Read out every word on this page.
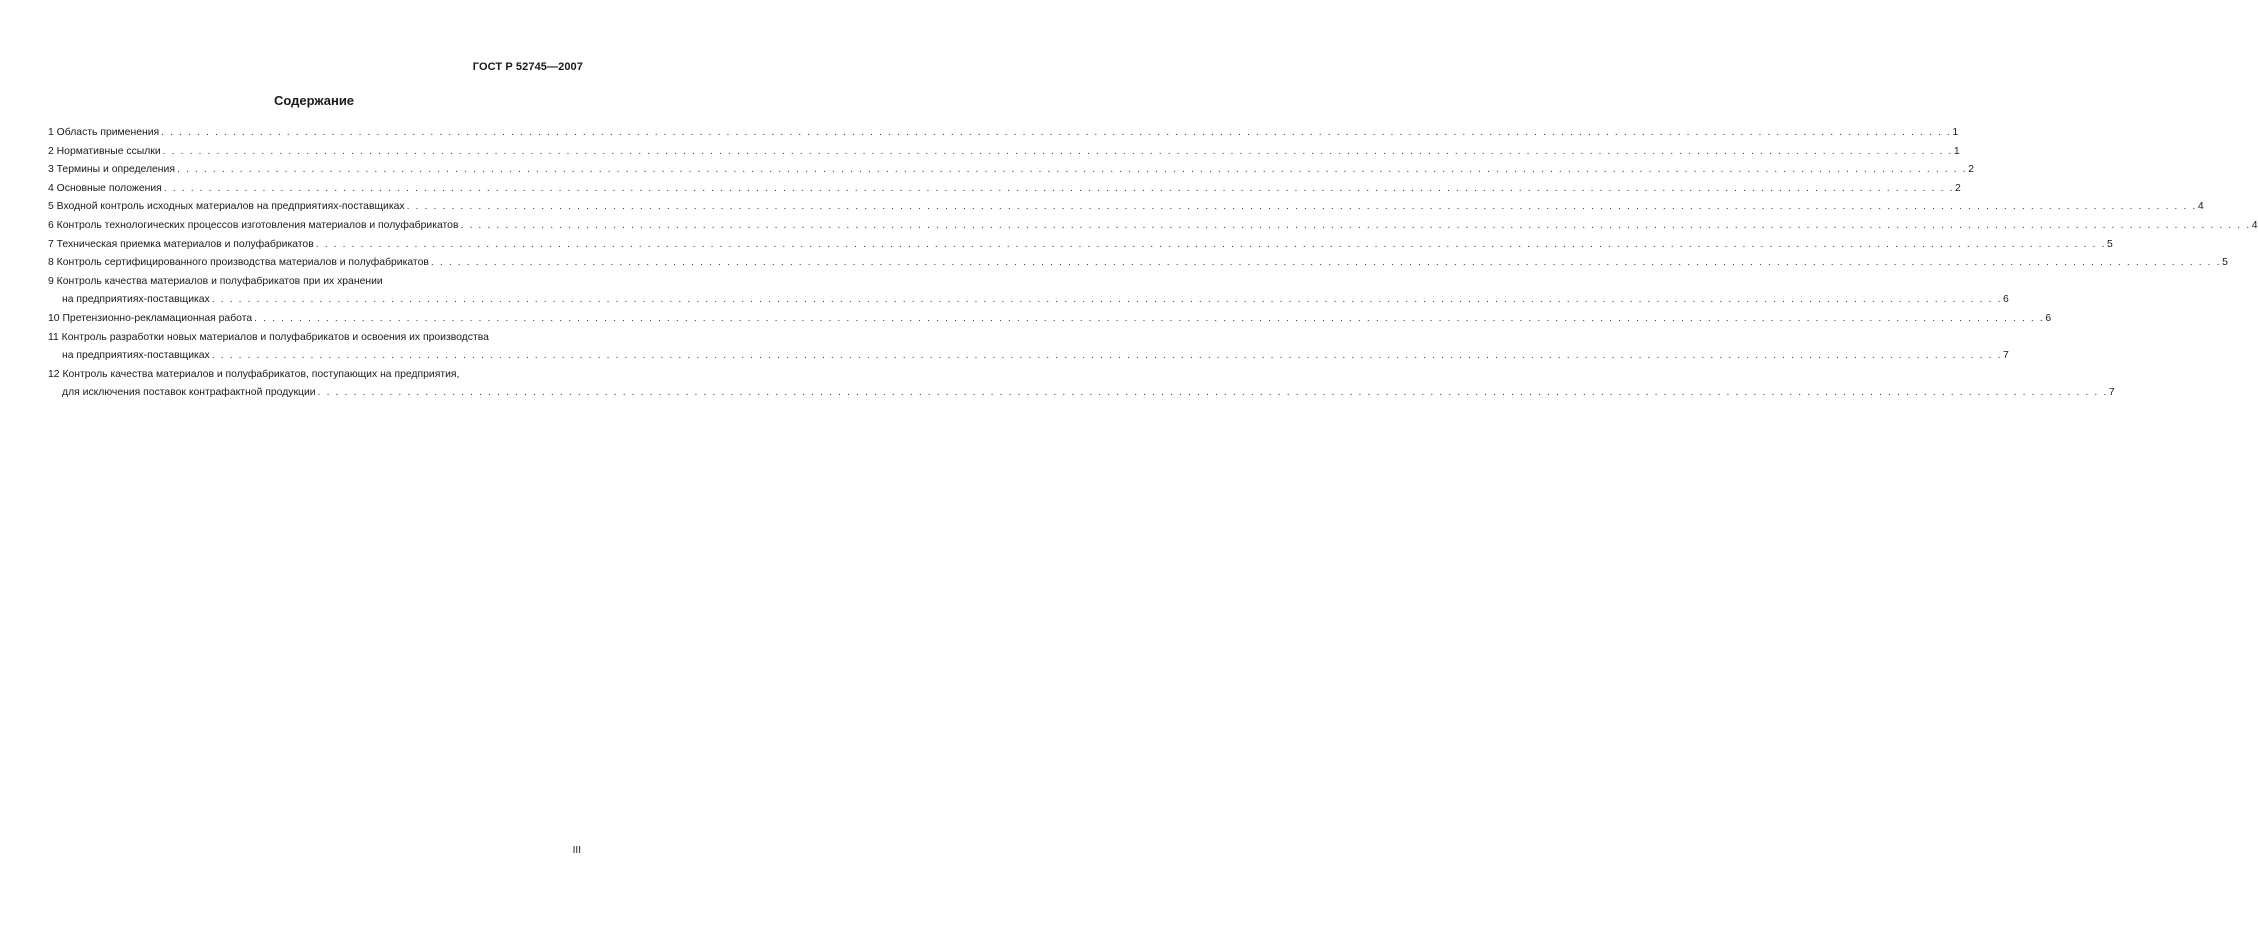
ГОСТ Р 52745—2007
Содержание
1 Область применения . . . . . . . . . . . . . . . . . . . . . . . . . . . . . . . . . . . . . . . . . . . . . . . . . . . . . . . . . . . . . . . . . . . . . . . . . . . . . . . . . . . . . . . . . . . . . . . . . . . . . . . . . . . . . . . . . . . . . . . . . . . . . . . . . . . . . . . . . . . . . . . . . . . . . . . . . . . . . . . . . . . . . . . . . . . . . . . . . . . . . . . . . . . . . . . . . . . . . . . . 1
2 Нормативные ссылки . . . . . . . . . . . . . . . . . . . . . . . . . . . . . . . . . . . . . . . . . . . . . . . . . . . . . . . . . . . . . . . . . . . . . . . . . . . . . . . . . . . . . . . . . . . . . . . . . . . . . . . . . . . . . . . . . . . . . . . . . . . . . . . . . . . . . . . . . . . . . . . . . . . . . . . . . . . . . . . . . . . . . . . . . . . . . . . . . . . . . . . . . . . . . . . . . . . . . . . . 1
3 Термины и определения . . . . . . . . . . . . . . . . . . . . . . . . . . . . . . . . . . . . . . . . . . . . . . . . . . . . . . . . . . . . . . . . . . . . . . . . . . . . . . . . . . . . . . . . . . . . . . . . . . . . . . . . . . . . . . . . . . . . . . . . . . . . . . . . . . . . . . . . . . . . . . . . . . . . . . . . . . . . . . . . . . . . . . . . . . . . . . . . . . . . . . . . . . . . . . . . . . . . . . . . 2
4 Основные положения . . . . . . . . . . . . . . . . . . . . . . . . . . . . . . . . . . . . . . . . . . . . . . . . . . . . . . . . . . . . . . . . . . . . . . . . . . . . . . . . . . . . . . . . . . . . . . . . . . . . . . . . . . . . . . . . . . . . . . . . . . . . . . . . . . . . . . . . . . . . . . . . . . . . . . . . . . . . . . . . . . . . . . . . . . . . . . . . . . . . . . . . . . . . . . . . . . . . . . . . 2
5 Входной контроль исходных материалов на предприятиях-поставщиках . . . . . . . . . . . . . . . . . . . . . . . . . . . . . . . . . . . . . . . . . . . . . . . . . . . . . . . . . . . . . . . . . . . . . . . . . . . . . . . . . . . . . . . . . . . . . . . . . . . . . . . . . . . . . . . . . . . . . . . . . . . . . . . . . . . . . . . . . . . . . . . . . . . . . . . . . . . . . . . . . . . . . . . . . . . . . . . . . . . . . . . . . . . . . . . . . . . . . . . . 4
6 Контроль технологических процессов изготовления материалов и полуфабрикатов . . . . . . . . . . . . . . . . . . . . . . . . . . . . . . . . . . . . . . . . . . . . . . . . . . . . . . . . . . . . . . . . . . . . . . . . . . . . . . . . . . . . . . . . . . . . . . . . . . . . . . . . . . . . . . . . . . . . . . . . . . . . . . . . . . . . . . . . . . . . . . . . . . . . . . . . . . . . . . . . . . . . . . . . . . . . . . . . . . . . . . . . . . . . . . . . . . . . . . . . 4
7 Техническая приемка материалов и полуфабрикатов . . . . . . . . . . . . . . . . . . . . . . . . . . . . . . . . . . . . . . . . . . . . . . . . . . . . . . . . . . . . . . . . . . . . . . . . . . . . . . . . . . . . . . . . . . . . . . . . . . . . . . . . . . . . . . . . . . . . . . . . . . . . . . . . . . . . . . . . . . . . . . . . . . . . . . . . . . . . . . . . . . . . . . . . . . . . . . . . . . . . . . . . . . . . . . . . . . . . . . . . 5
8 Контроль сертифицированного производства материалов и полуфабрикатов . . . . . . . . . . . . . . . . . . . . . . . . . . . . . . . . . . . . . . . . . . . . . . . . . . . . . . . . . . . . . . . . . . . . . . . . . . . . . . . . . . . . . . . . . . . . . . . . . . . . . . . . . . . . . . . . . . . . . . . . . . . . . . . . . . . . . . . . . . . . . . . . . . . . . . . . . . . . . . . . . . . . . . . . . . . . . . . . . . . . . . . . . . . . . . . . . . . . . . . . 5
9 Контроль качества материалов и полуфабрикатов при их хранении
на предприятиях-поставщиках . . . . . . . . . . . . . . . . . . . . . . . . . . . . . . . . . . . . . . . . . . . . . . . . . . . . . . . . . . . . . . . . . . . . . . . . . . . . . . . . . . . . . . . . . . . . . . . . . . . . . . . . . . . . . . . . . . . . . . . . . . . . . . . . . . . . . . . . . . . . . . . . . . . . . . . . . . . . . . . . . . . . . . . . . . . . . . . . . . . . . . . . . . . . . . . . . . . . . . . . 6
10 Претензионно-рекламационная работа . . . . . . . . . . . . . . . . . . . . . . . . . . . . . . . . . . . . . . . . . . . . . . . . . . . . . . . . . . . . . . . . . . . . . . . . . . . . . . . . . . . . . . . . . . . . . . . . . . . . . . . . . . . . . . . . . . . . . . . . . . . . . . . . . . . . . . . . . . . . . . . . . . . . . . . . . . . . . . . . . . . . . . . . . . . . . . . . . . . . . . . . . . . . . . . . . . . . . . . . 6
11 Контроль разработки новых материалов и полуфабрикатов и освоения их производства
на предприятиях-поставщиках . . . . . . . . . . . . . . . . . . . . . . . . . . . . . . . . . . . . . . . . . . . . . . . . . . . . . . . . . . . . . . . . . . . . . . . . . . . . . . . . . . . . . . . . . . . . . . . . . . . . . . . . . . . . . . . . . . . . . . . . . . . . . . . . . . . . . . . . . . . . . . . . . . . . . . . . . . . . . . . . . . . . . . . . . . . . . . . . . . . . . . . . . . . . . . . . . . . . . . . . 7
12 Контроль качества материалов и полуфабрикатов, поступающих на предприятия,
для исключения поставок контрафактной продукции . . . . . . . . . . . . . . . . . . . . . . . . . . . . . . . . . . . . . . . . . . . . . . . . . . . . . . . . . . . . . . . . . . . . . . . . . . . . . . . . . . . . . . . . . . . . . . . . . . . . . . . . . . . . . . . . . . . . . . . . . . . . . . . . . . . . . . . . . . . . . . . . . . . . . . . . . . . . . . . . . . . . . . . . . . . . . . . . . . . . . . . . . . . . . . . . . . . . . . . . 7
III
